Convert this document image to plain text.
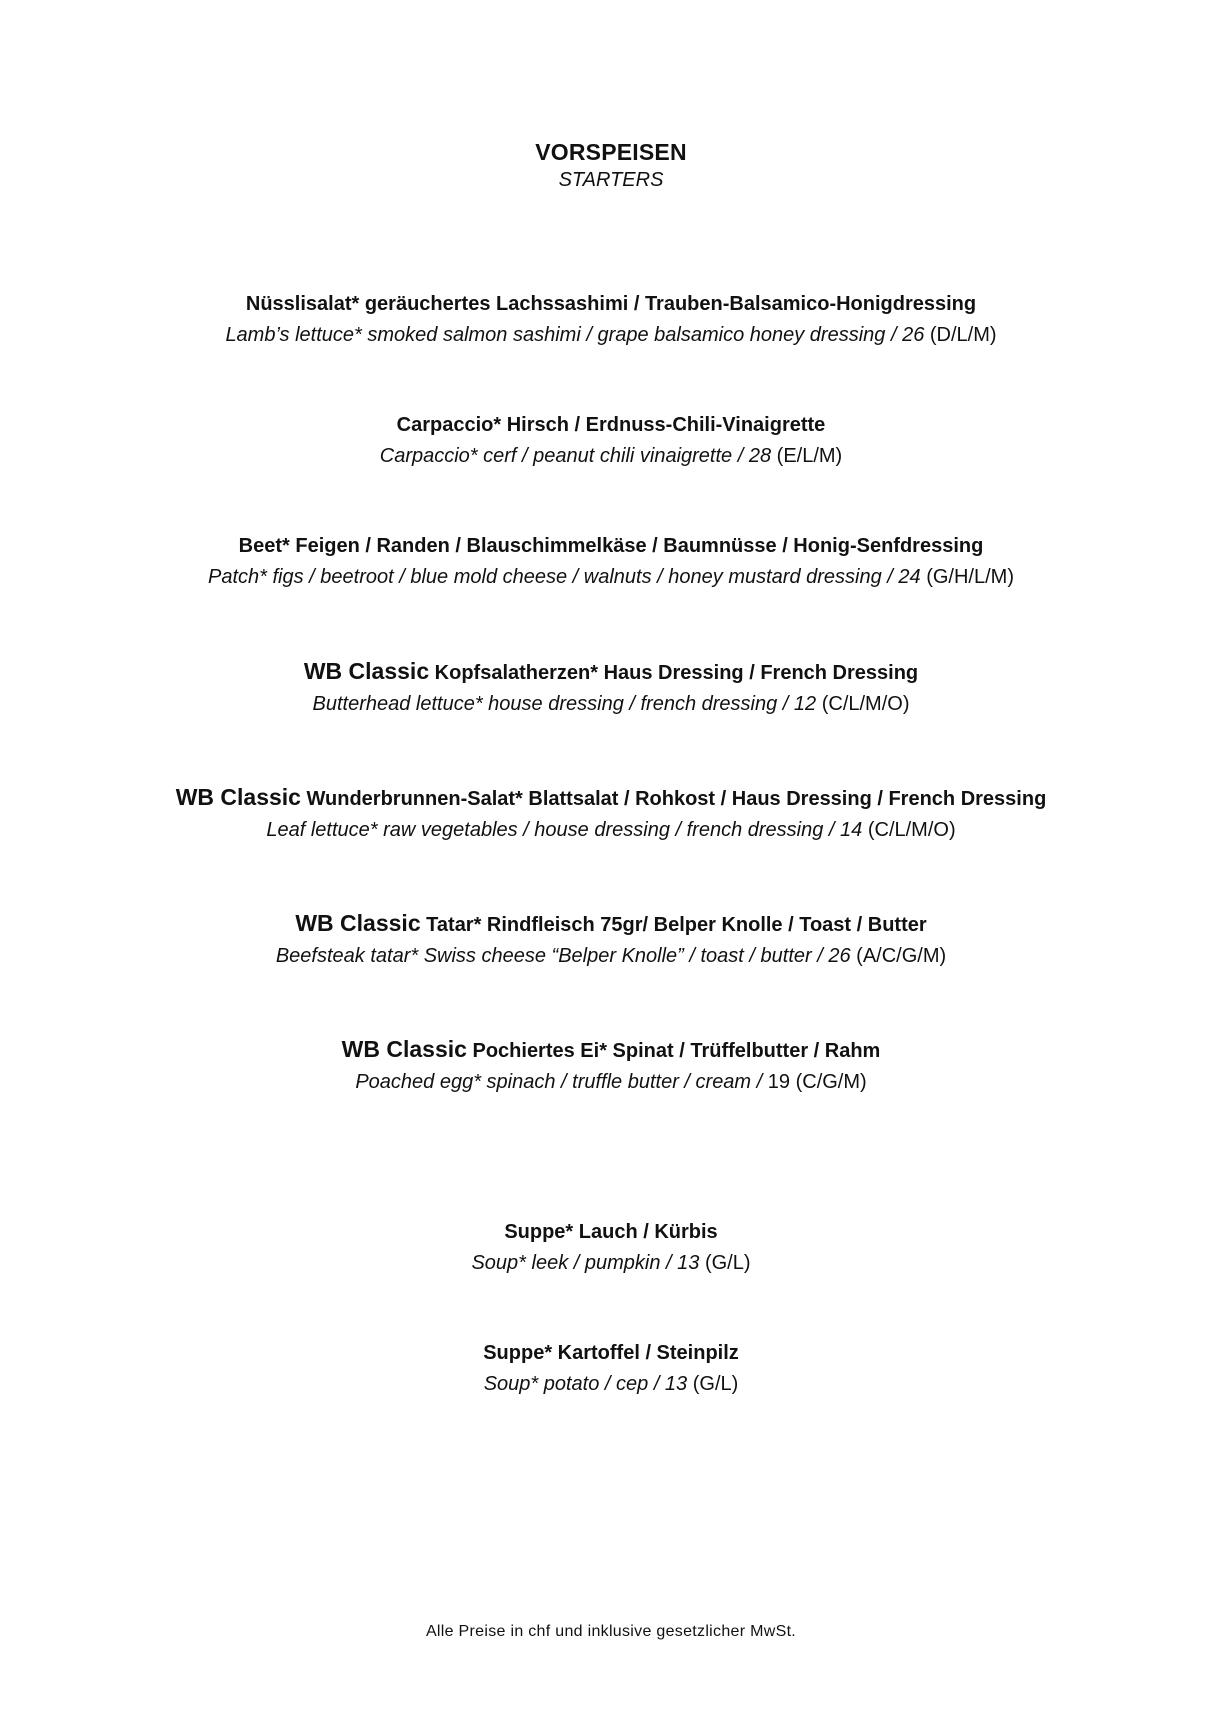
VORSPEISEN
STARTERS
Nüsslisalat* geräuchertes Lachssashimi / Trauben-Balsamico-Honigdressing
Lamb’s lettuce* smoked salmon sashimi / grape balsamico honey dressing / 26 (D/L/M)
Carpaccio* Hirsch / Erdnuss-Chili-Vinaigrette
Carpaccio* cerf / peanut chili vinaigrette / 28 (E/L/M)
Beet* Feigen / Randen / Blauschimmelkäse / Baumnüsse / Honig-Senfdressing
Patch* figs / beetroot / blue mold cheese / walnuts / honey mustard dressing / 24 (G/H/L/M)
WB Classic Kopfsalatherzen* Haus Dressing / French Dressing
Butterhead lettuce* house dressing / french dressing / 12 (C/L/M/O)
WB Classic Wunderbrunnen-Salat* Blattsalat / Rohkost / Haus Dressing / French Dressing
Leaf lettuce* raw vegetables / house dressing / french dressing / 14 (C/L/M/O)
WB Classic Tatar* Rindfleisch 75gr/ Belper Knolle / Toast / Butter
Beefsteak tatar* Swiss cheese “Belper Knolle” / toast / butter / 26 (A/C/G/M)
WB Classic Pochiertes Ei* Spinat / Trüffelbutter / Rahm
Poached egg* spinach / truffle butter / cream / 19 (C/G/M)
Suppe* Lauch / Kürbis
Soup* leek / pumpkin / 13 (G/L)
Suppe* Kartoffel / Steinpilz
Soup* potato / cep / 13 (G/L)
Alle Preise in chf und inklusive gesetzlicher MwSt.
